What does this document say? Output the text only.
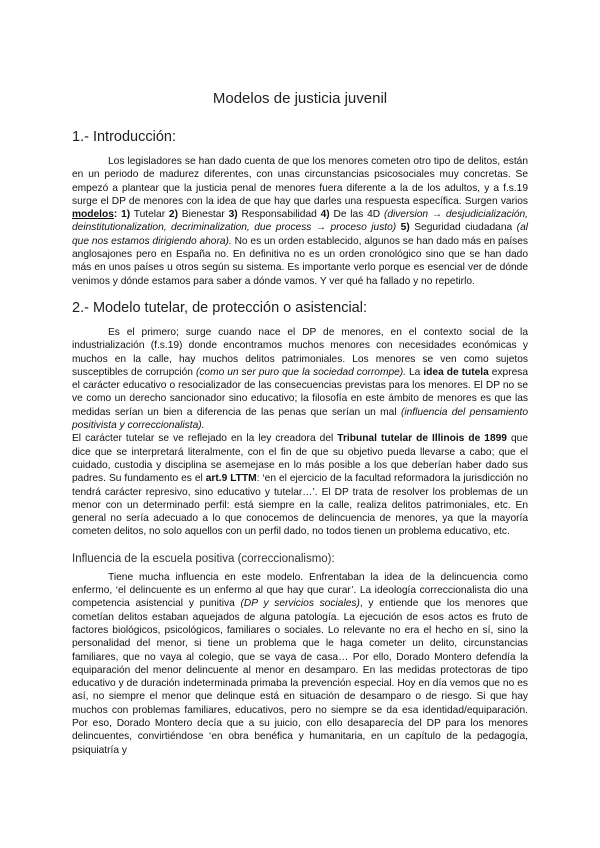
Modelos de justicia juvenil
1.- Introducción:

Los legisladores se han dado cuenta de que los menores cometen otro tipo de delitos, están en un periodo de madurez diferentes, con unas circunstancias psicosociales muy concretas. Se empezó a plantear que la justicia penal de menores fuera diferente a la de los adultos, y a f.s.19 surge el DP de menores con la idea de que hay que darles una respuesta específica. Surgen varios modelos: 1) Tutelar 2) Bienestar 3) Responsabilidad 4) De las 4D (diversion → desjudicialización, deinstitutionalization, decriminalization, due process → proceso justo) 5) Seguridad ciudadana (al que nos estamos dirigiendo ahora). No es un orden establecido, algunos se han dado más en países anglosajones pero en España no. En definitiva no es un orden cronológico sino que se han dado más en unos países u otros según su sistema. Es importante verlo porque es esencial ver de dónde venimos y dónde estamos para saber a dónde vamos. Y ver qué ha fallado y no repetirlo.

2.- Modelo tutelar, de protección o asistencial:

Es el primero; surge cuando nace el DP de menores, en el contexto social de la industrialización (f.s.19) donde encontramos muchos menores con necesidades económicas y muchos en la calle, hay muchos delitos patrimoniales. Los menores se ven como sujetos susceptibles de corrupción (como un ser puro que la sociedad corrompe). La idea de tutela expresa el carácter educativo o resocializador de las consecuencias previstas para los menores. El DP no se ve como un derecho sancionador sino educativo; la filosofía en este ámbito de menores es que las medidas serían un bien a diferencia de las penas que serían un mal (influencia del pensamiento positivista y correccionalista).

El carácter tutelar se ve reflejado en la ley creadora del Tribunal tutelar de Illinois de 1899 que dice que se interpretará literalmente, con el fin de que su objetivo pueda llevarse a cabo; que el cuidado, custodia y disciplina se asemejase en lo más posible a los que deberían haber dado sus padres. Su fundamento es el art.9 LTTM: ‘en el ejercicio de la facultad reformadora la jurisdicción no tendrá carácter represivo, sino educativo y tutelar…’. El DP trata de resolver los problemas de un menor con un determinado perfil: está siempre en la calle, realiza delitos patrimoniales, etc. En general no sería adecuado a lo que conocemos de delincuencia de menores, ya que la mayoría cometen delitos, no solo aquellos con un perfil dado, no todos tienen un problema educativo, etc.

Influencia de la escuela positiva (correccionalismo):

Tiene mucha influencia en este modelo. Enfrentaban la idea de la delincuencia como enfermo, ‘el delincuente es un enfermo al que hay que curar’. La ideología correccionalista dio una competencia asistencial y punitiva (DP y servicios sociales), y entiende que los menores que cometían delitos estaban aquejados de alguna patología. La ejecución de esos actos es fruto de factores biológicos, psicológicos, familiares o sociales. Lo relevante no era el hecho en sí, sino la personalidad del menor, si tiene un problema que le haga cometer un delito, circunstancias familiares, que no vaya al colegio, que se vaya de casa… Por ello, Dorado Montero defendía la equiparación del menor delincuente al menor en desamparo. En las medidas protectoras de tipo educativo y de duración indeterminada primaba la prevención especial. Hoy en día vemos que no es así, no siempre el menor que delinque está en situación de desamparo o de riesgo. Si que hay muchos con problemas familiares, educativos, pero no siempre se da esa identidad/equiparación. Por eso, Dorado Montero decía que a su juicio, con ello desaparecía del DP para los menores delincuentes, convirtiéndose ‘en obra benéfica y humanitaria, en un capítulo de la pedagogía, psiquiatría y
